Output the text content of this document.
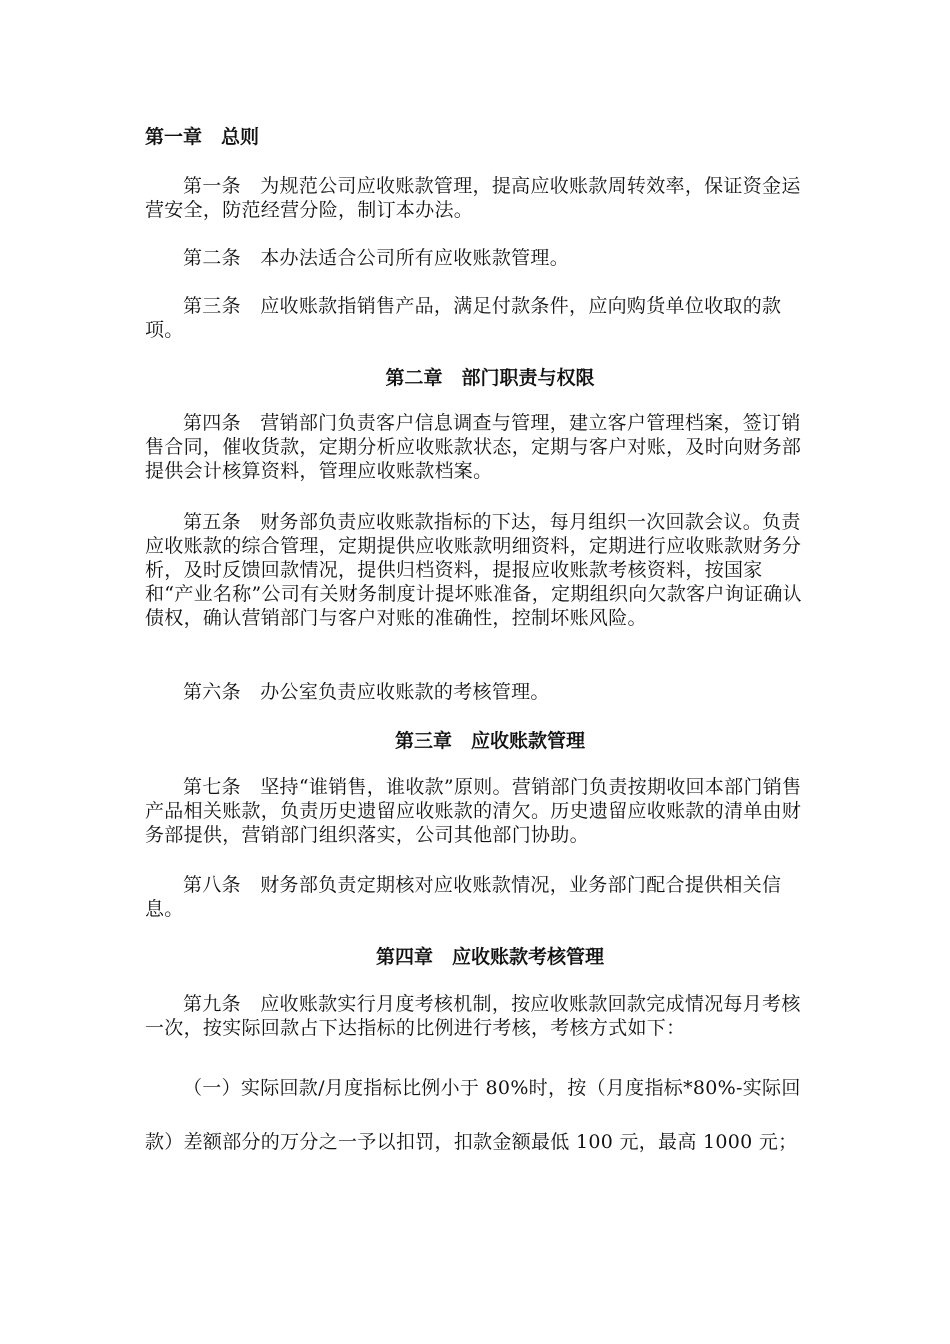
第一章　总则
第一条　 为规范公司应收账款管理，提高应收账款周转效率，保证资金运营安全，防范经营分险，制订本办法。
第二条　 本办法适合公司所有应收账款管理。
第三条　 应收账款指销售产品，满足付款条件，应向购货单位收取的款项。
第二章　部门职责与权限
第四条　 营销部门负责客户信息调查与管理，建立客户管理档案，签订销售合同，催收货款，定期分析应收账款状态，定期与客户对账，及时向财务部提供会计核算资料，管理应收账款档案。
第五条　 财务部负责应收账款指标的下达，每月组织一次回款会议。负责应收账款的综合管理，定期提供应收账款明细资料，定期进行应收账款财务分析，及时反馈回款情况，提供归档资料，提报应收账款考核资料，按国家和“产业名称”公司有关财务制度计提坏账准备，定期组织向欠款客户询证确认债权，确认营销部门与客户对账的准确性，控制坏账风险。
第六条　 办公室负责应收账款的考核管理。
第三章　应收账款管理
第七条　 坚持“谁销售，谁收款”原则。营销部门负责按期收回本部门销售产品相关账款，负责历史遗留应收账款的清欠。历史遗留应收账款的清单由财务部提供，营销部门组织落实，公司其他部门协助。
第八条　 财务部负责定期核对应收账款情况，业务部门配合提供相关信息。
第四章　应收账款考核管理
第九条　 应收账款实行月度考核机制，按应收账款回款完成情况每月考核一次，按实际回款占下达指标的比例进行考核，考核方式如下：
（一）实际回款/月度指标比例小于 80%时，按（月度指标*80%-实际回款）差额部分的万分之一予以扣罚，扣款金额最低 100 元，最高 1000 元；
